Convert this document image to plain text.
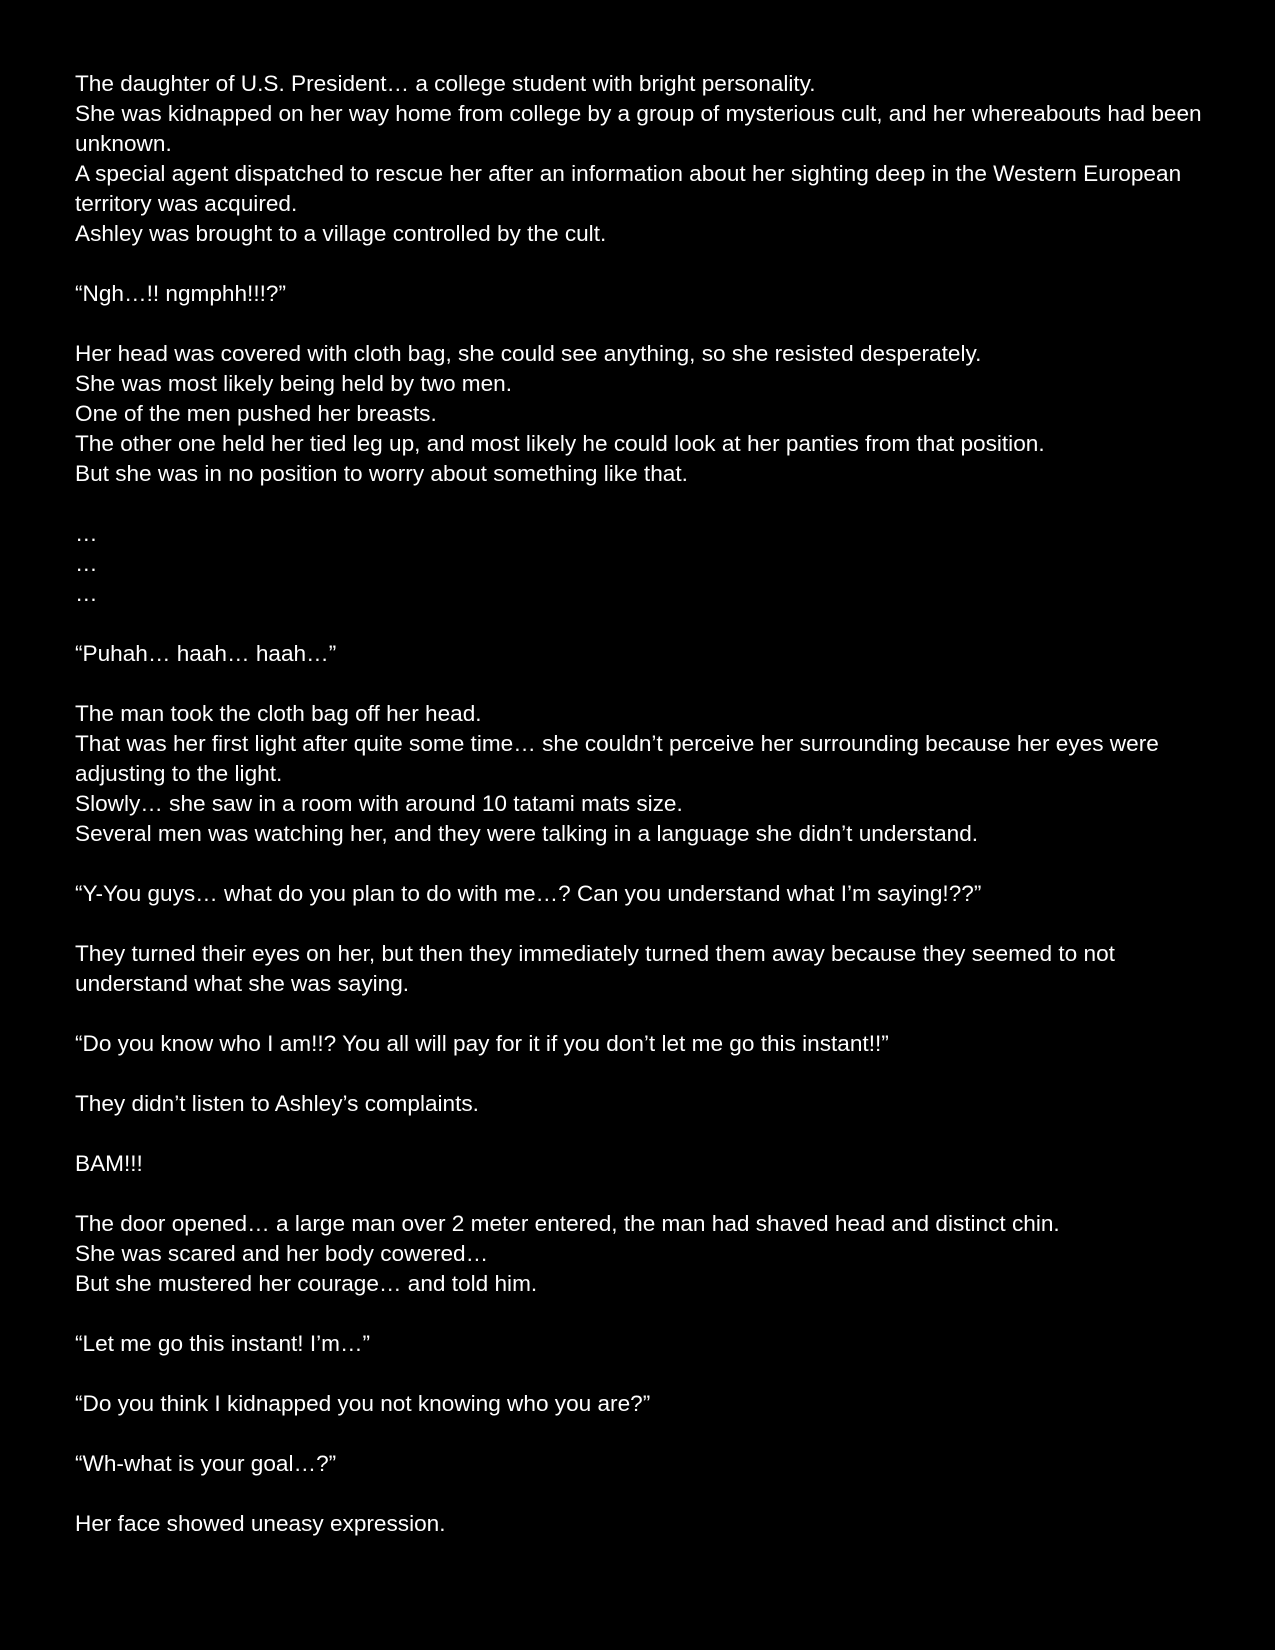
The daughter of U.S. President… a college student with bright personality.
She was kidnapped on her way home from college by a group of mysterious cult, and her whereabouts had been unknown.
A special agent dispatched to rescue her after an information about her sighting deep in the Western European territory was acquired.
Ashley was brought to a village controlled by the cult.
“Ngh…!! ngmphh!!!?”
Her head was covered with cloth bag, she could see anything, so she resisted desperately.
She was most likely being held by two men.
One of the men pushed her breasts.
The other one held her tied leg up, and most likely he could look at her panties from that position.
But she was in no position to worry about something like that.
…
…
…
“Puhah… haah… haah…”
The man took the cloth bag off her head.
That was her first light after quite some time… she couldn’t perceive her surrounding because her eyes were adjusting to the light.
Slowly… she saw in a room with around 10 tatami mats size.
Several men was watching her, and they were talking in a language she didn’t understand.
“Y-You guys… what do you plan to do with me…? Can you understand what I’m saying!??”
They turned their eyes on her, but then they immediately turned them away because they seemed to not understand what she was saying.
“Do you know who I am!!? You all will pay for it if you don’t let me go this instant!!”
They didn’t listen to Ashley’s complaints.
BAM!!!
The door opened… a large man over 2 meter entered, the man had shaved head and distinct chin.
She was scared and her body cowered…
But she mustered her courage… and told him.
“Let me go this instant! I’m…”
“Do you think I kidnapped you not knowing who you are?”
“Wh-what is your goal…?”
Her face showed uneasy expression.
